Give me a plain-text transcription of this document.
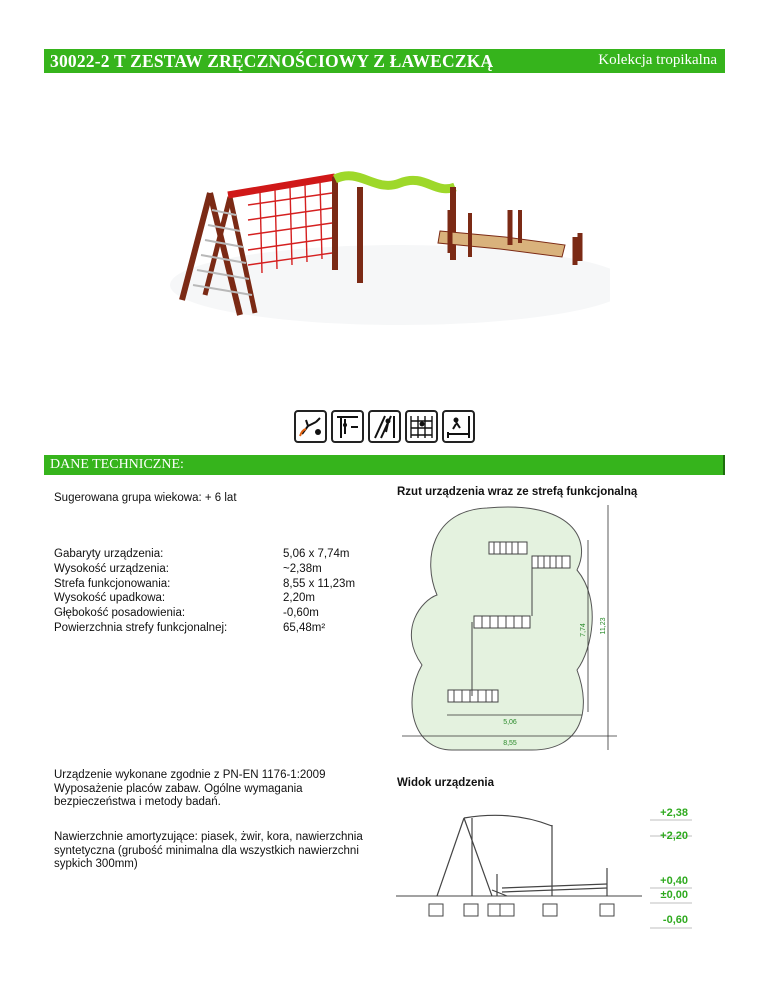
30022-2 T ZESTAW ZRĘCZNOŚCIOWY Z ŁAWECZKĄ	Kolekcja tropikalna
DANE TECHNICZNE:
Sugerowana grupa wiekowa: + 6 lat
Gabaryty urządzenia:
Wysokość urządzenia:
Strefa funkcjonowania:
Wysokość upadkowa:
Głębokość posadowienia:
Powierzchnia strefy funkcjonalnej:
5,06 x 7,74m
~2,38m
8,55 x 11,23m
2,20m
-0,60m
65,48m²
Urządzenie wykonane zgodnie z PN-EN 1176-1:2009
Wyposażenie placów zabaw. Ogólne wymagania
bezpieczeństwa i metody badań.
Nawierzchnie amortyzujące: piasek, żwir, kora, nawierzchnia
syntetyczna (grubość minimalna dla wszystkich nawierzchni
sypkich 300mm)
Rzut urządzenia wraz ze strefą funkcjonalną
5,06
8,55
7,74 11,23
Widok urządzenia
+2,38
+2,20
+0,40
±0,00
-0,60
